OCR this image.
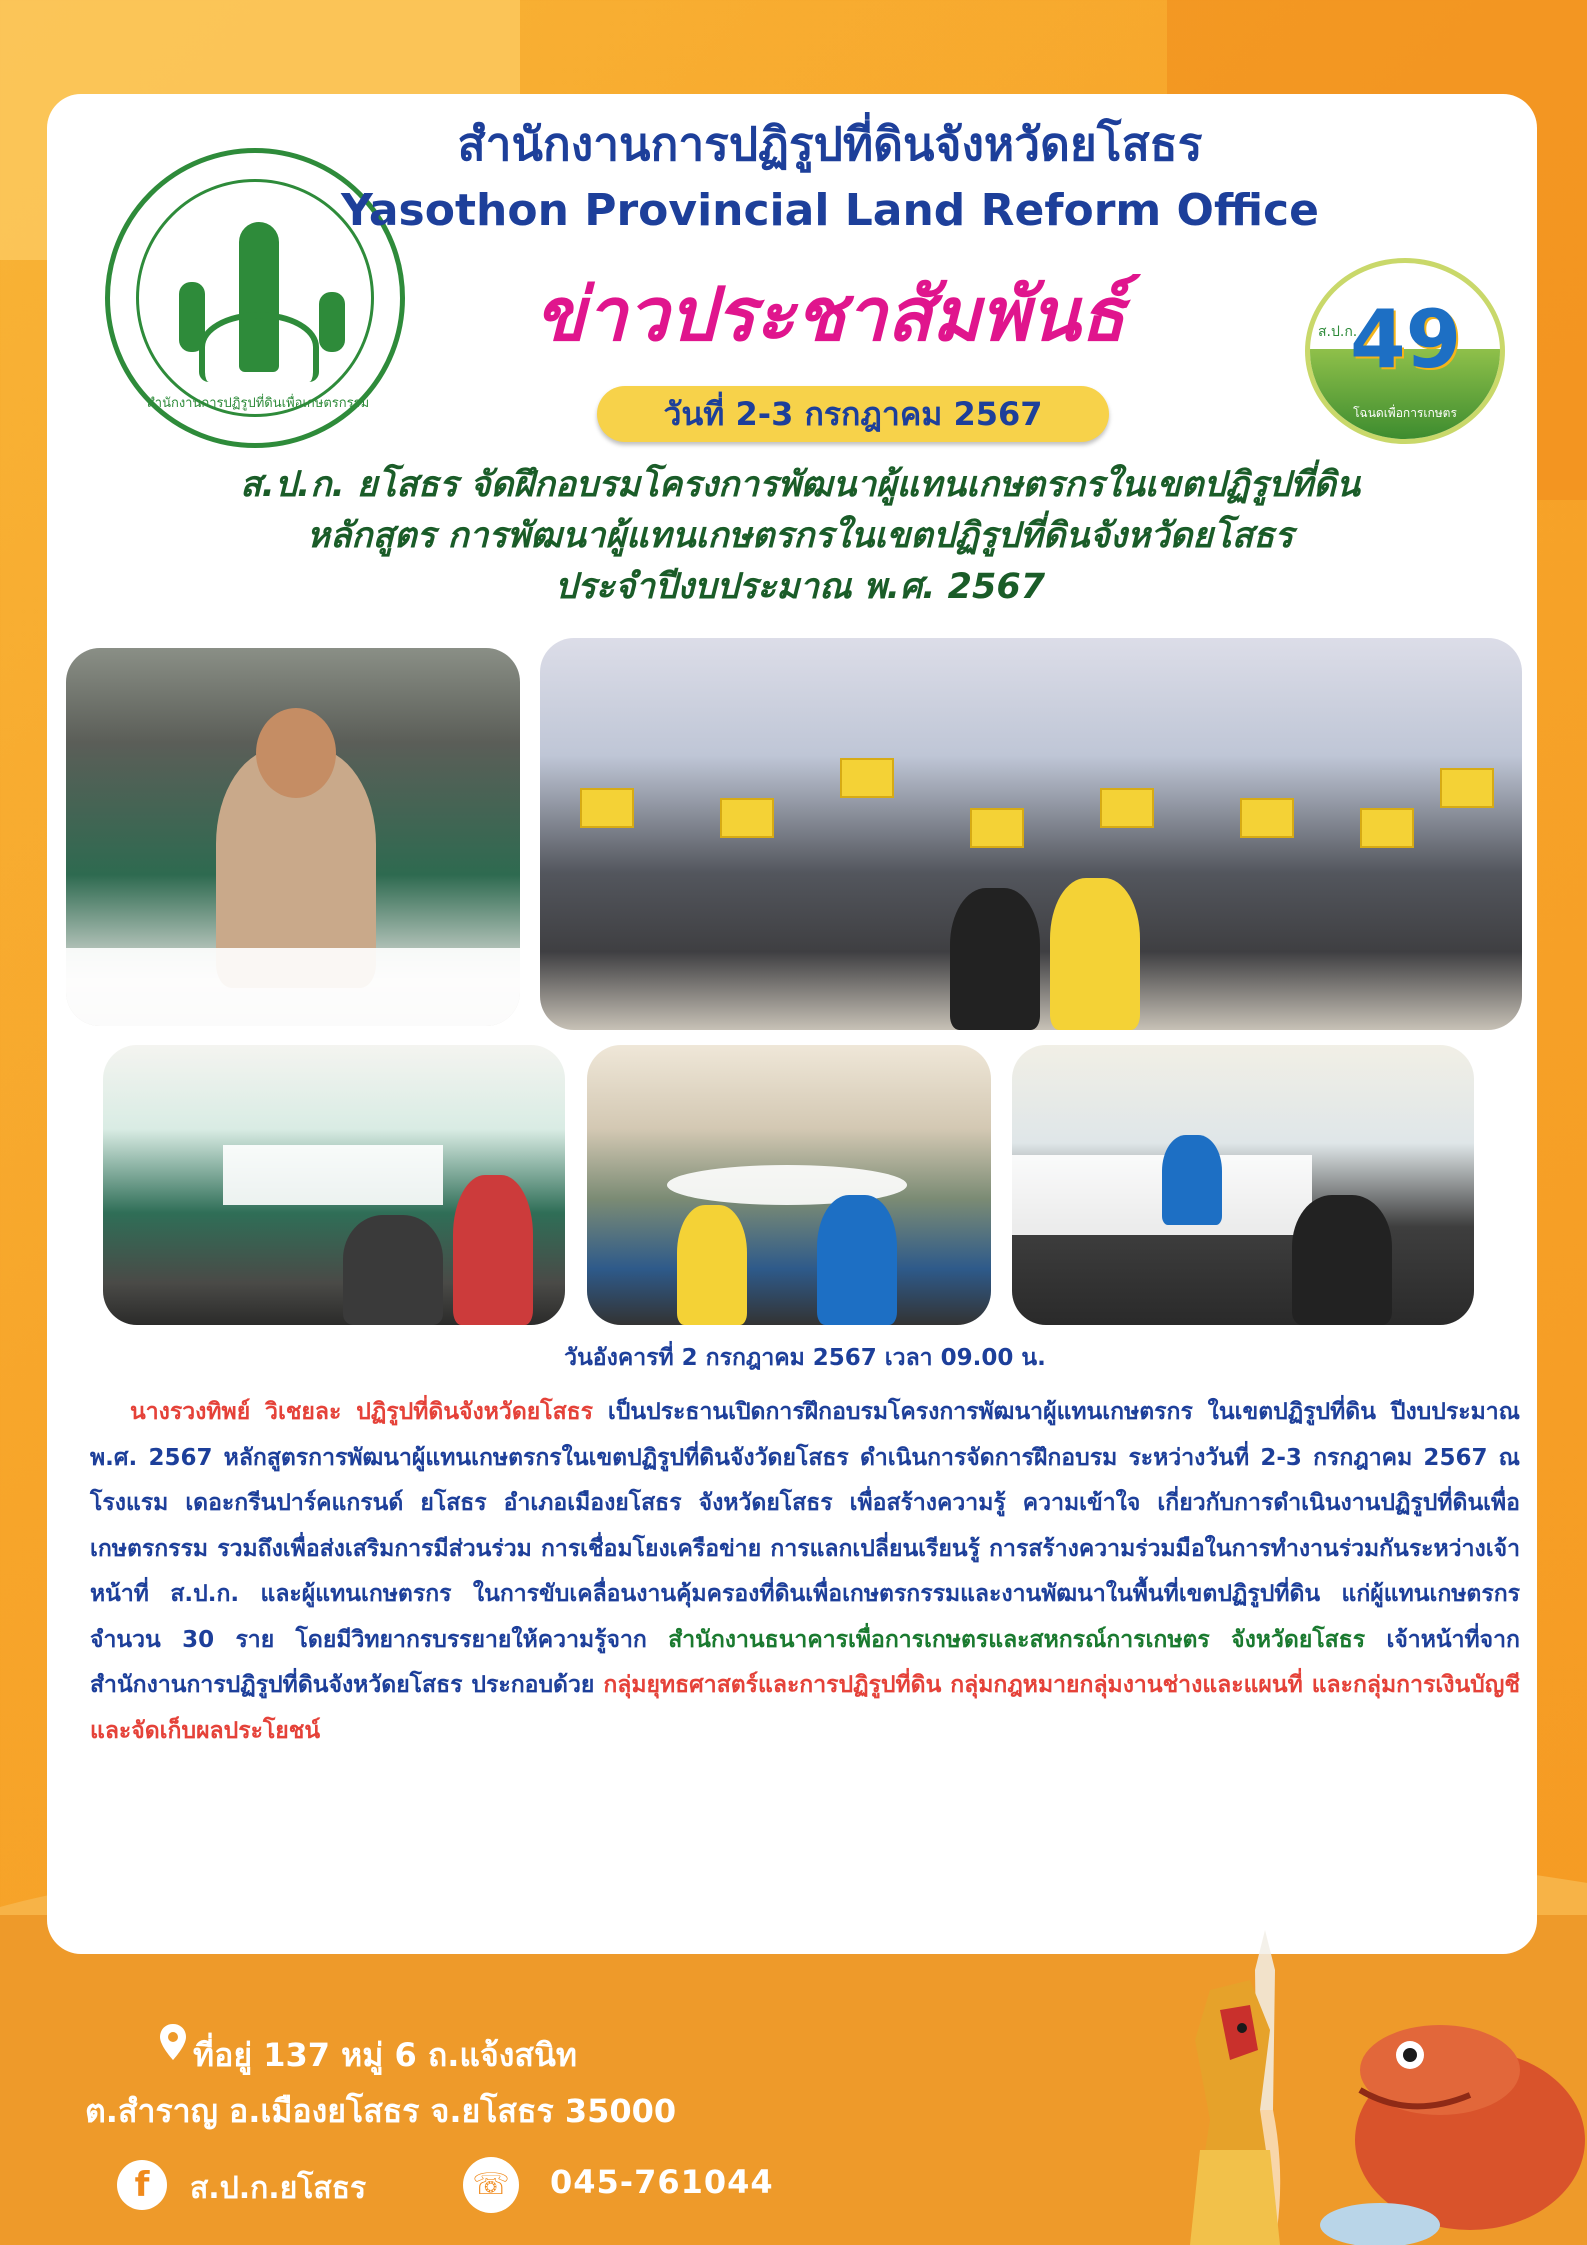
สำนักงานการปฏิรูปที่ดินเพื่อเกษตรกรรม
สำนักงานการปฏิรูปที่ดินจังหวัดยโสธร
Yasothon Provincial Land Reform Office
ข่าวประชาสัมพันธ์
วันที่ 2-3 กรกฎาคม 2567
ส.ป.ก.
49
โฉนดเพื่อการเกษตร
ส.ป.ก. ยโสธร จัดฝึกอบรมโครงการพัฒนาผู้แทนเกษตรกรในเขตปฏิรูปที่ดิน
หลักสูตร การพัฒนาผู้แทนเกษตรกรในเขตปฏิรูปที่ดินจังหวัดยโสธร
ประจำปีงบประมาณ พ.ศ. 2567
วันอังคารที่ 2 กรกฎาคม 2567 เวลา 09.00 น.
นางรวงทิพย์ วิเชยละ ปฏิรูปที่ดินจังหวัดยโสธร เป็นประธานเปิดการฝึกอบรมโครงการพัฒนาผู้แทนเกษตรกร ในเขตปฏิรูปที่ดิน ปีงบประมาณ พ.ศ. 2567 หลักสูตรการพัฒนาผู้แทนเกษตรกรในเขตปฏิรูปที่ดินจังวัดยโสธร ดำเนินการจัดการฝึกอบรม ระหว่างวันที่ 2-3 กรกฎาคม 2567 ณ โรงแรม เดอะกรีนปาร์คแกรนด์ ยโสธร อำเภอเมืองยโสธร จังหวัดยโสธร เพื่อสร้างความรู้ ความเข้าใจ เกี่ยวกับการดำเนินงานปฏิรูปที่ดินเพื่อเกษตรกรรม รวมถึงเพื่อส่งเสริมการมีส่วนร่วม การเชื่อมโยงเครือข่าย การแลกเปลี่ยนเรียนรู้ การสร้างความร่วมมือในการทำงานร่วมกันระหว่างเจ้าหน้าที่ ส.ป.ก. และผู้แทนเกษตรกร ในการขับเคลื่อนงานคุ้มครองที่ดินเพื่อเกษตรกรรมและงานพัฒนาในพื้นที่เขตปฏิรูปที่ดิน แก่ผู้แทนเกษตรกร จำนวน 30 ราย โดยมีวิทยากรบรรยายให้ความรู้จาก สำนักงานธนาคารเพื่อการเกษตรและสหกรณ์การเกษตร จังหวัดยโสธร เจ้าหน้าที่จากสำนักงานการปฏิรูปที่ดินจังหวัดยโสธร ประกอบด้วย กลุ่มยุทธศาสตร์และการปฏิรูปที่ดิน กลุ่มกฎหมายกลุ่มงานช่างและแผนที่ และกลุ่มการเงินบัญชีและจัดเก็บผลประโยชน์
ที่อยู่ 137 หมู่ 6 ถ.แจ้งสนิท
ต.สำราญ อ.เมืองยโสธร จ.ยโสธร 35000
f	ส.ป.ก.ยโสธร	☏ 045-761044
